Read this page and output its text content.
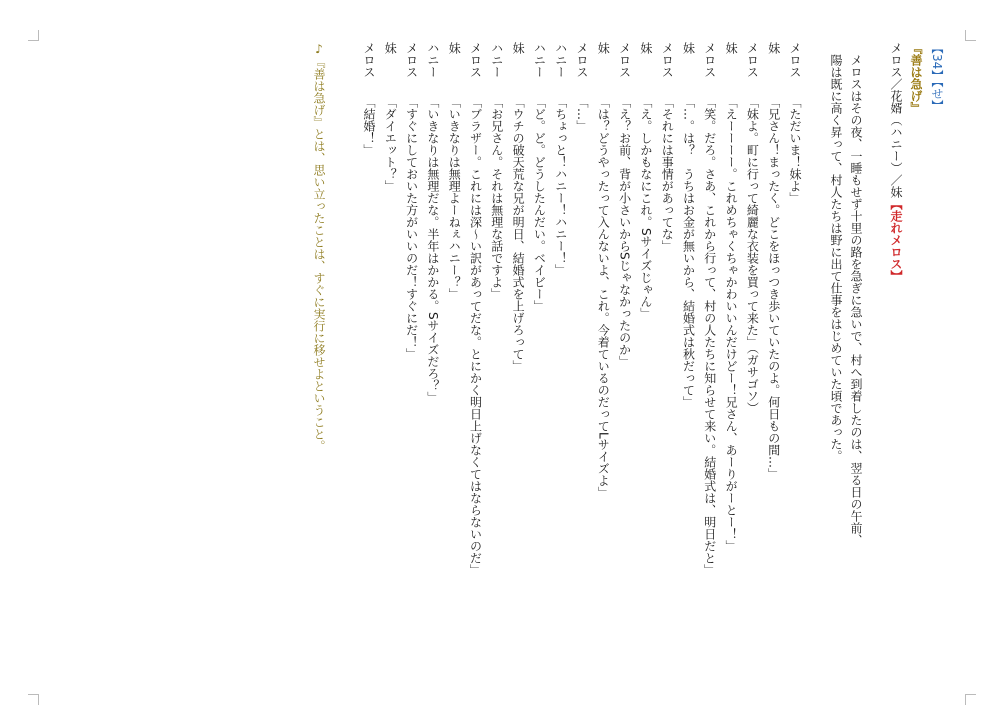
【34】【せ】
『善は急げ』
メロス／花婿（ハニー）／妹【走れメロス】
メロスはその夜、一睡もせず十里の路を急ぎに急いで、村へ到着したのは、翌る日の午前、
陽は既に高く昇って、村人たちは野に出て仕事をはじめていた頃であった。
メロス「ただいま！妹よ」
妹「兄さん！まったく。どこをほっつき歩いていたのよ。何日もの間…」
メロス「妹よ。町に行って綺麗な衣装を買って来た」（ガサゴソ）
妹「えーーーー。これめちゃくちゃかわいいんだけどー！兄さん、あーりがーとー！」
メロス「笑。だろ。さあ、これから行って、村の人たちに知らせて来い。結婚式は、明日だと」
妹「…。は？　うちはお金が無いから、結婚式は秋だって」
メロス「それには事情があってな」
妹「え。しかもなにこれ。Sサイズじゃん」
メロス「え？お前、背が小さいからSじゃなかったのか」
妹「は？どうやったって入んないよ、これ。今着ているのだってLサイズよ」
メロス「…」
ハニー「ちょっと！ハニー！ハニー！」
ハニー「ど。ど。どうしたんだい。ベイビー」
妹「ウチの破天荒な兄が明日、結婚式を上げろって」
ハニー「お兄さん。それは無理な話ですよ」
メロス「ブラザー。これには深〜い訳があってだな。とにかく明日上げなくてはならないのだ」
妹「いきなりは無理よーねぇハニー？」
ハニー「いきなりは無理だな。半年はかかる。Sサイズだろ？」
メロス「すぐにしておいた方がいいのだ！すぐにだ！」
妹「ダイエット？」
メロス「結婚！」
♪『善は急げ』とは、思い立ったことは、すぐに実行に移せよということ。
